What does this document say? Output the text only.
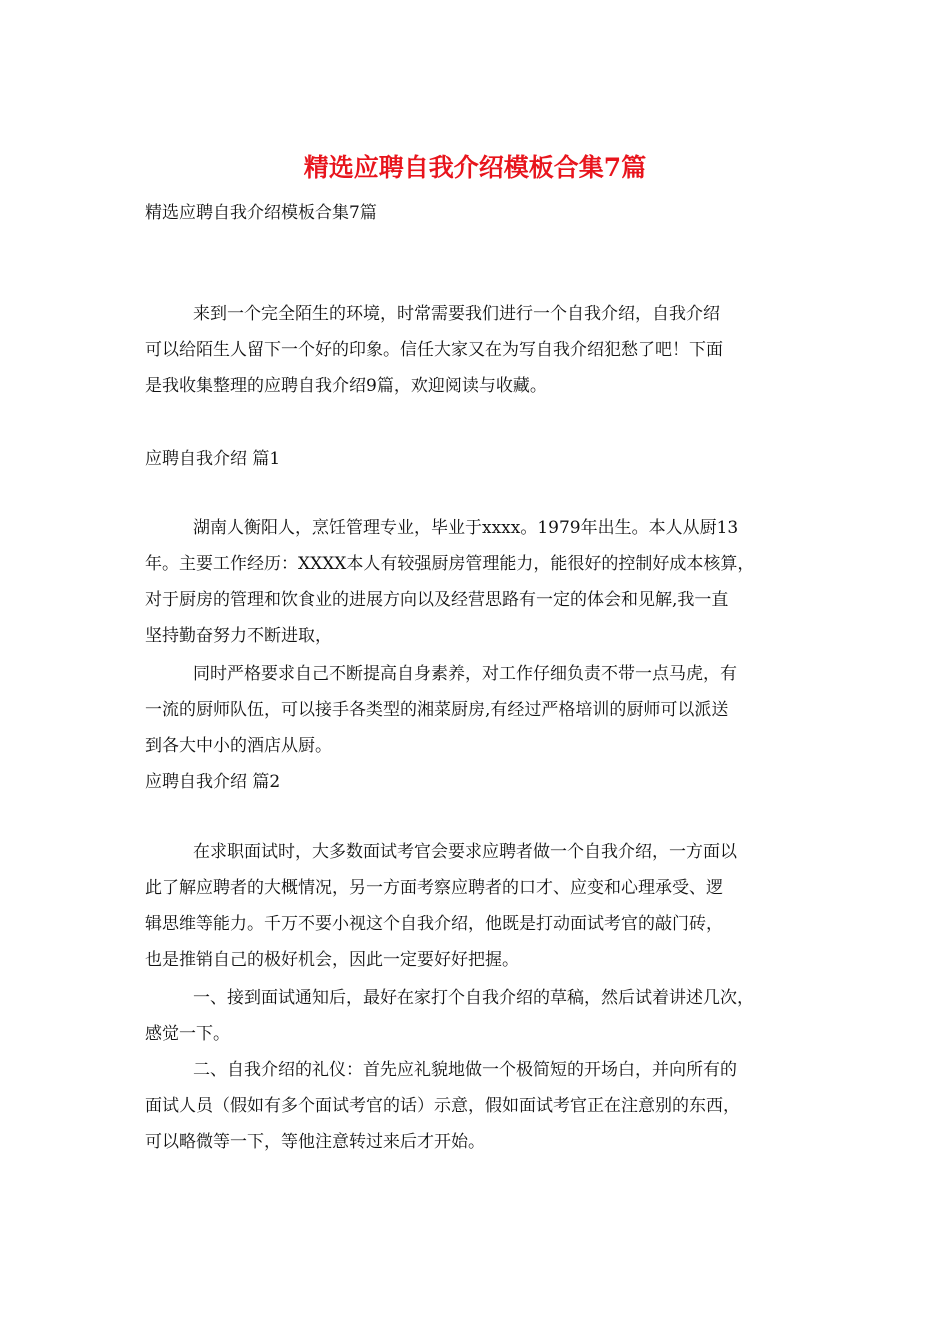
精选应聘自我介绍模板合集7篇
精选应聘自我介绍模板合集7篇
来到一个完全陌生的环境，时常需要我们进行一个自我介绍，自我介绍
可以给陌生人留下一个好的印象。信任大家又在为写自我介绍犯愁了吧！下面
是我收集整理的应聘自我介绍9篇，欢迎阅读与收藏。
应聘自我介绍 篇1
湖南人衡阳人，烹饪管理专业，毕业于xxxx。1979年出生。本人从厨13
年。主要工作经历：XXXX本人有较强厨房管理能力，能很好的控制好成本核算，
对于厨房的管理和饮食业的进展方向以及经营思路有一定的体会和见解,我一直
坚持勤奋努力不断进取，
同时严格要求自己不断提高自身素养，对工作仔细负责不带一点马虎，有
一流的厨师队伍，可以接手各类型的湘菜厨房,有经过严格培训的厨师可以派送
到各大中小的酒店从厨。
应聘自我介绍 篇2
在求职面试时，大多数面试考官会要求应聘者做一个自我介绍，一方面以
此了解应聘者的大概情况，另一方面考察应聘者的口才、应变和心理承受、逻
辑思维等能力。千万不要小视这个自我介绍，他既是打动面试考官的敲门砖，
也是推销自己的极好机会，因此一定要好好把握。
一、接到面试通知后，最好在家打个自我介绍的草稿，然后试着讲述几次，
感觉一下。
二、自我介绍的礼仪：首先应礼貌地做一个极简短的开场白，并向所有的
面试人员（假如有多个面试考官的话）示意，假如面试考官正在注意别的东西，
可以略微等一下，等他注意转过来后才开始。
